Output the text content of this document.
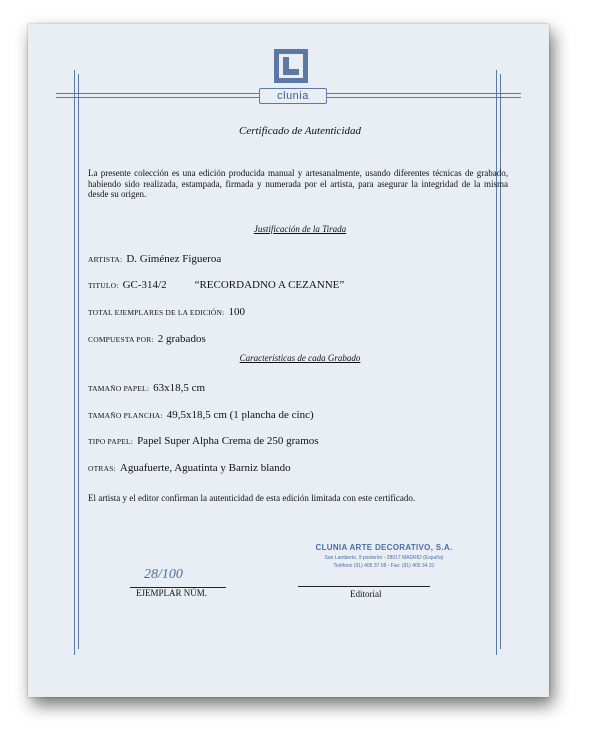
clunia
Certificado de Autenticidad
La presente colección es una edición producida manual y artesanalmente, usando diferentes técnicas de grabado, habiendo sido realizada, estampada, firmada y numerada por el artista, para asegurar la integridad de la misma desde su origen.
Justificación de la Tirada
ARTISTA: D. Giménez Figueroa
TITULO: GC-314/2	“RECORDADNO A CEZANNE”
TOTAL EJEMPLARES DE LA EDICIÓN: 100
COMPUESTA POR: 2 grabados
Características de cada Grabado
TAMAÑO PAPEL: 63x18,5 cm
TAMAÑO PLANCHA: 49,5x18,5 cm (1 plancha de cinc)
TIPO PAPEL: Papel Super Alpha Crema de 250 gramos
OTRAS: Aguafuerte, Aguatinta y Barniz blando
El artista y el editor confirman la autenticidad de esta edición limitada con este certificado.
CLUNIA ARTE DECORATIVO, S.A.
San Lamberto, 9 posterior - 28017 MADRID (España)
Teléfono (91) 405 37 08 - Fax: (91) 405 34 31
28/100
EJEMPLAR NÚM.	Editorial
